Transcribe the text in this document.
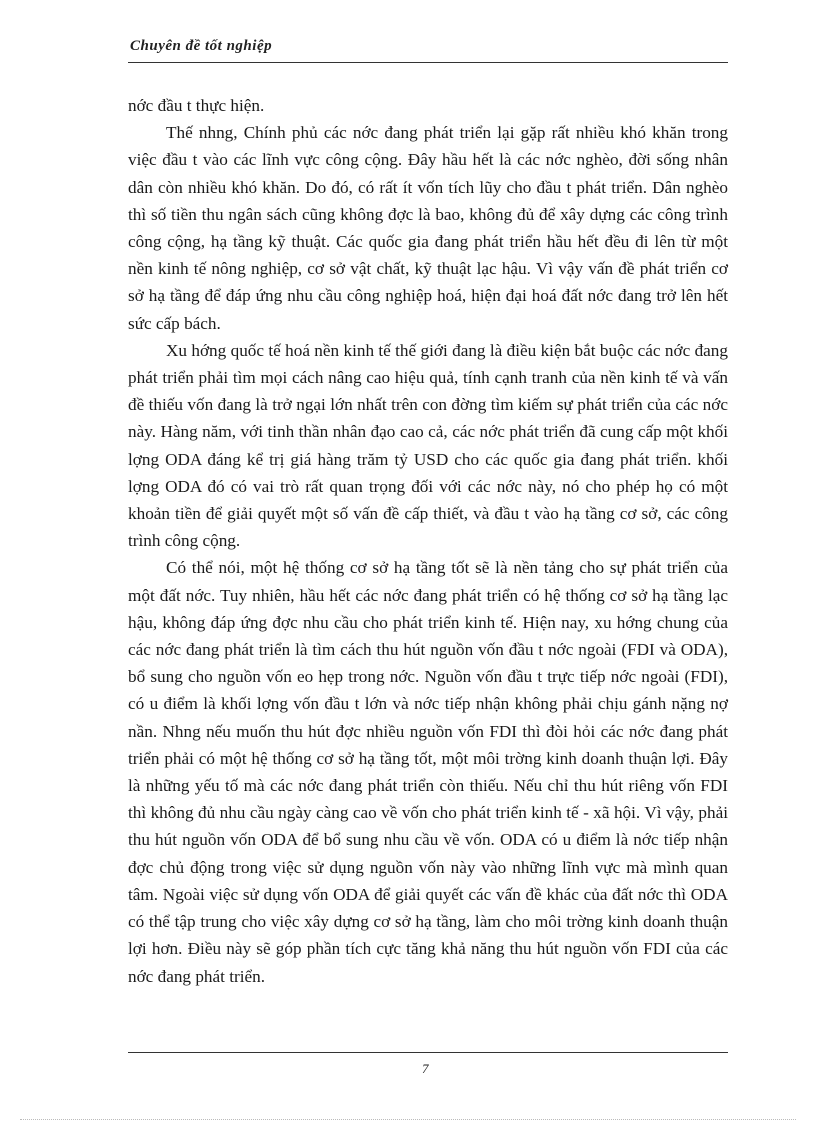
Chuyên đề tốt nghiệp

nớc đầu t thực hiện.

Thế nhng, Chính phủ các nớc đang phát triển lại gặp rất nhiều khó khăn trong việc đầu t vào các lĩnh vực công cộng. Đây hầu hết là các nớc nghèo, đời sống nhân dân còn nhiều khó khăn. Do đó, có rất ít vốn tích lũy cho đầu t phát triển. Dân nghèo thì số tiền thu ngân sách cũng không đợc là bao, không đủ để xây dựng các công trình công cộng, hạ tầng kỹ thuật. Các quốc gia đang phát triển hầu hết đều đi lên từ một nền kinh tế nông nghiệp, cơ sở vật chất, kỹ thuật lạc hậu. Vì vậy vấn đề phát triển cơ sở hạ tầng để đáp ứng nhu cầu công nghiệp hoá, hiện đại hoá đất nớc đang trở lên hết sức cấp bách.

Xu hớng quốc tế hoá nền kinh tế thế giới đang là điều kiện bắt buộc các nớc đang phát triển phải tìm mọi cách nâng cao hiệu quả, tính cạnh tranh của nền kinh tế và vấn đề thiếu vốn đang là trở ngại lớn nhất trên con đờng tìm kiếm sự phát triển của các nớc này. Hàng năm, với tinh thần nhân đạo cao cả, các nớc phát triển đã cung cấp một khối lợng ODA đáng kể trị giá hàng trăm tỷ USD cho các quốc gia đang phát triển. khối lợng ODA đó có vai trò rất quan trọng đối với các nớc này, nó cho phép họ có một khoản tiền để giải quyết một số vấn đề cấp thiết, và đầu t vào hạ tầng cơ sở, các công trình công cộng.

Có thể nói, một hệ thống cơ sở hạ tầng tốt sẽ là nền tảng cho sự phát triển của một đất nớc. Tuy nhiên, hầu hết các nớc đang phát triển có hệ thống cơ sở hạ tầng lạc hậu, không đáp ứng đợc nhu cầu cho phát triển kinh tế. Hiện nay, xu hớng chung của các nớc đang phát triển là tìm cách thu hút nguồn vốn đầu t nớc ngoài (FDI và ODA), bổ sung cho nguồn vốn eo hẹp trong nớc. Nguồn vốn đầu t trực tiếp nớc ngoài (FDI), có u điểm là khối lợng vốn đầu t lớn và nớc tiếp nhận không phải chịu gánh nặng nợ nần. Nhng nếu muốn thu hút đợc nhiều nguồn vốn FDI thì đòi hỏi các nớc đang phát triển phải có một hệ thống cơ sở hạ tầng tốt, một môi trờng kinh doanh thuận lợi. Đây là những yếu tố mà các nớc đang phát triển còn thiếu. Nếu chỉ thu hút riêng vốn FDI thì không đủ nhu cầu ngày càng cao về vốn cho phát triển kinh tế - xã hội. Vì vậy, phải thu hút nguồn vốn ODA để bổ sung nhu cầu về vốn. ODA có u điểm là nớc tiếp nhận đợc chủ động trong việc sử dụng nguồn vốn này vào những lĩnh vực mà mình quan tâm. Ngoài việc sử dụng vốn ODA để giải quyết các vấn đề khác của đất nớc thì ODA có thể tập trung cho việc xây dựng cơ sở hạ tầng, làm cho môi trờng kinh doanh thuận lợi hơn. Điều này sẽ góp phần tích cực tăng khả năng thu hút nguồn vốn FDI của các nớc đang phát triển.

7
